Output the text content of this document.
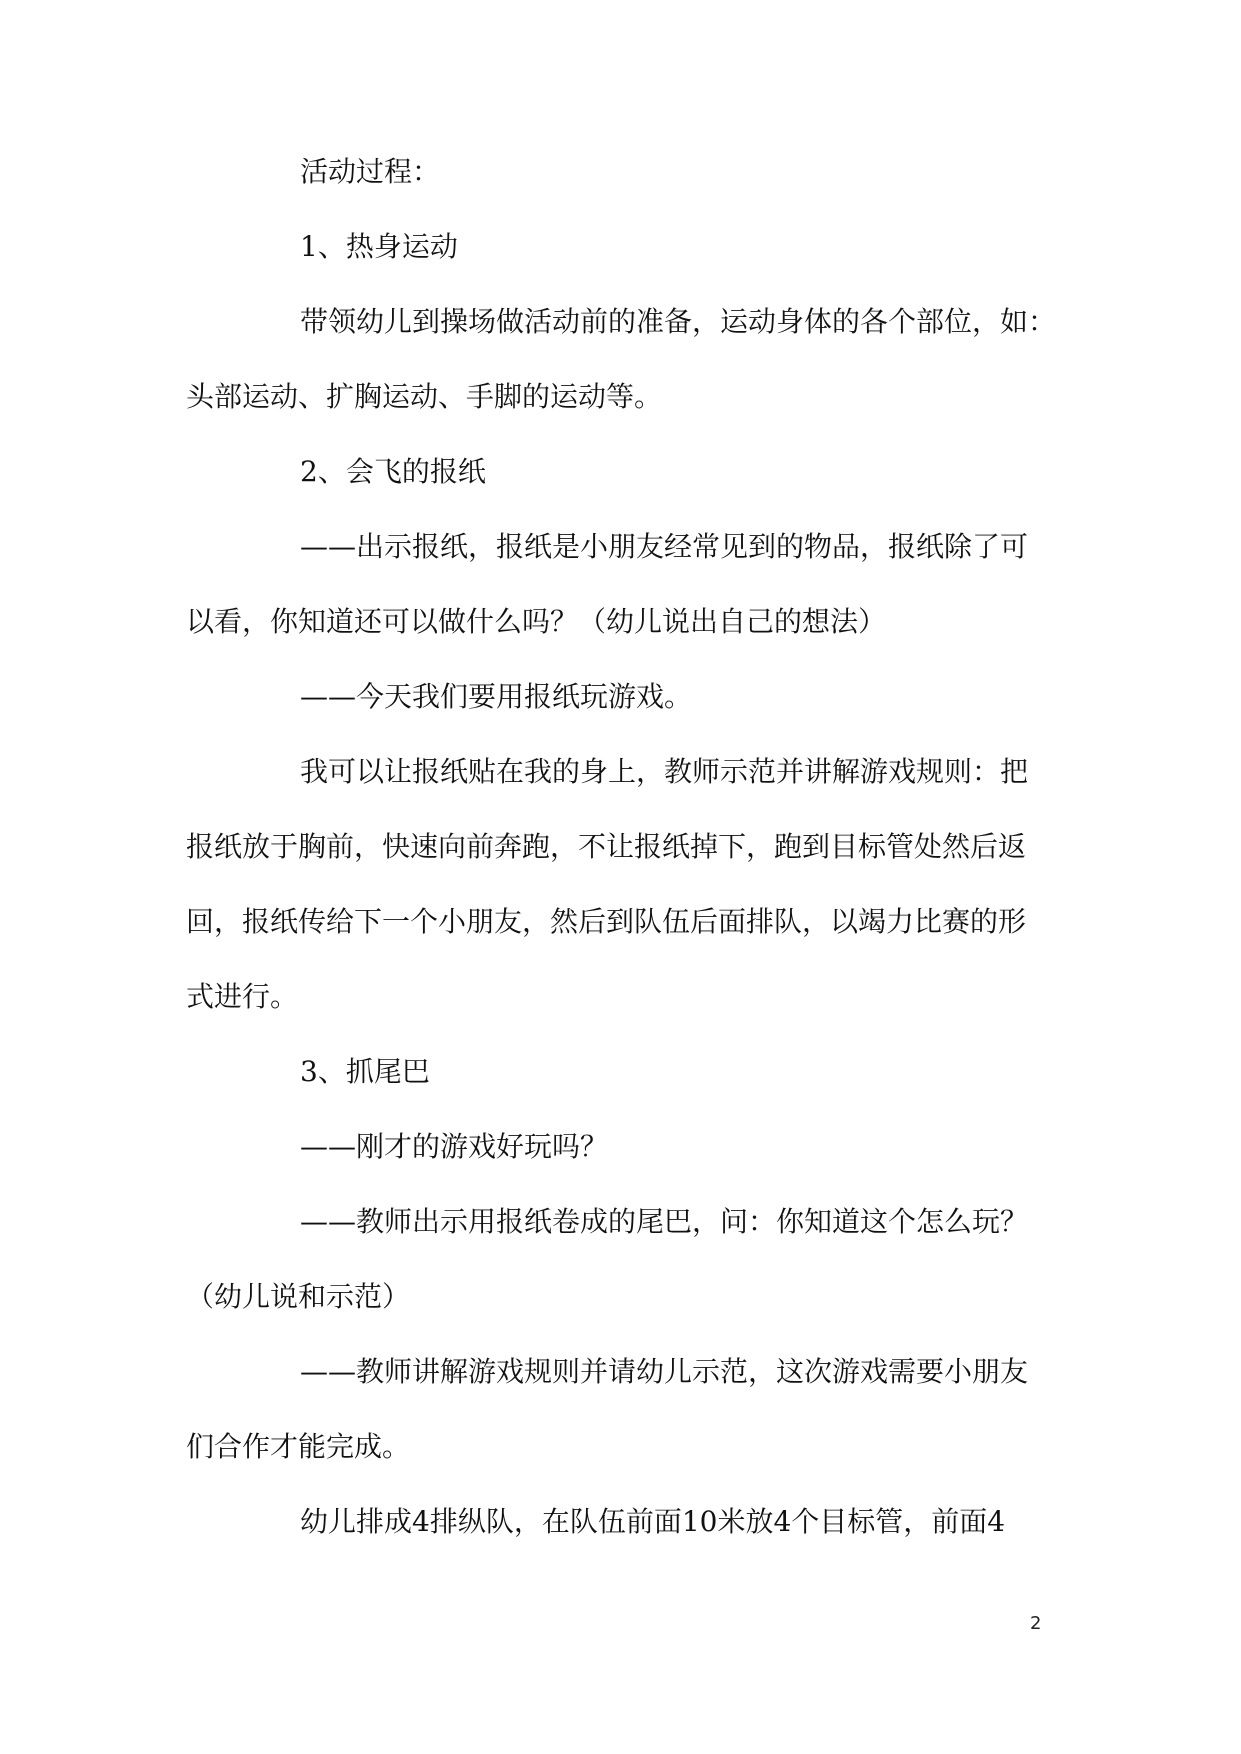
活动过程：
1、热身运动
带领幼儿到操场做活动前的准备，运动身体的各个部位，如：
头部运动、扩胸运动、手脚的运动等。
2、会飞的报纸
——出示报纸，报纸是小朋友经常见到的物品，报纸除了可
以看，你知道还可以做什么吗？（幼儿说出自己的想法）
——今天我们要用报纸玩游戏。
我可以让报纸贴在我的身上，教师示范并讲解游戏规则：把
报纸放于胸前，快速向前奔跑，不让报纸掉下，跑到目标管处然后返
回，报纸传给下一个小朋友，然后到队伍后面排队，以竭力比赛的形
式进行。
3、抓尾巴
——刚才的游戏好玩吗？
——教师出示用报纸卷成的尾巴，问：你知道这个怎么玩？
（幼儿说和示范）
——教师讲解游戏规则并请幼儿示范，这次游戏需要小朋友
们合作才能完成。
幼儿排成4排纵队，在队伍前面10米放4个目标管，前面4
2
